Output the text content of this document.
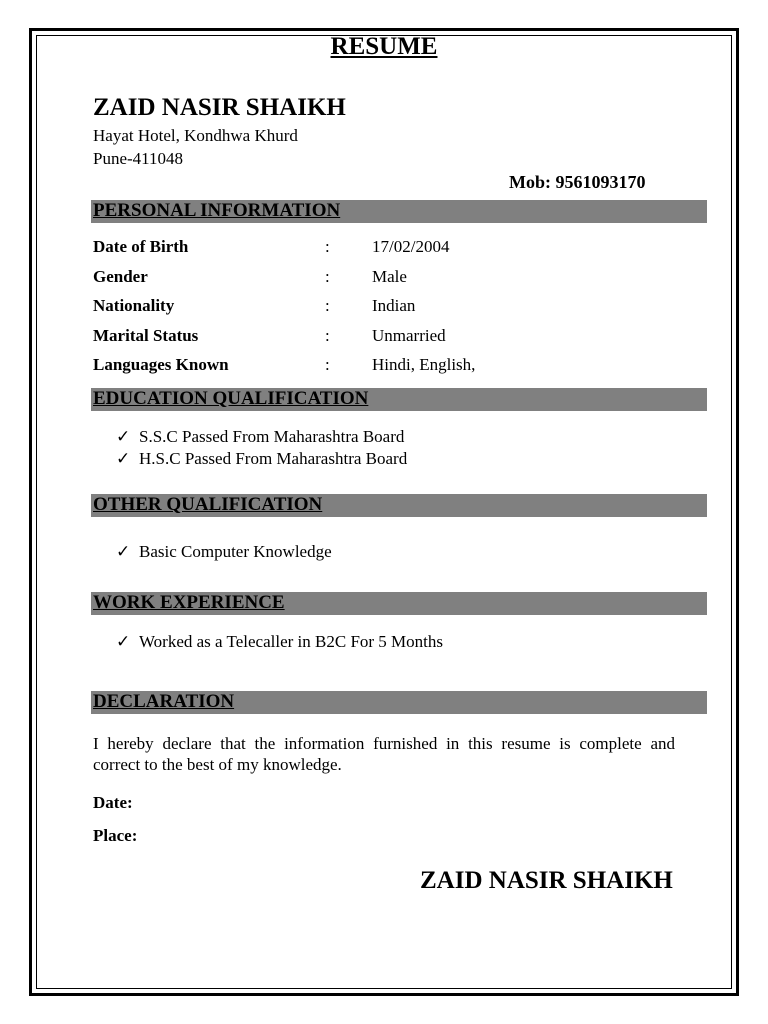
RESUME
ZAID NASIR SHAIKH
Hayat Hotel, Kondhwa Khurd
Pune-411048
Mob: 9561093170
PERSONAL INFORMATION
Date of Birth	: 17/02/2004
Gender	: Male
Nationality	: Indian
Marital Status	: Unmarried
Languages Known	: Hindi, English,
EDUCATION QUALIFICATION
✓ S.S.C Passed From Maharashtra Board
✓ H.S.C Passed From Maharashtra Board
OTHER QUALIFICATION
✓ Basic Computer Knowledge
WORK EXPERIENCE
✓ Worked as a Telecaller in B2C For 5 Months
DECLARATION
I hereby declare that the information furnished in this resume is complete and
correct to the best of my knowledge.
Date:
Place:
ZAID NASIR SHAIKH
